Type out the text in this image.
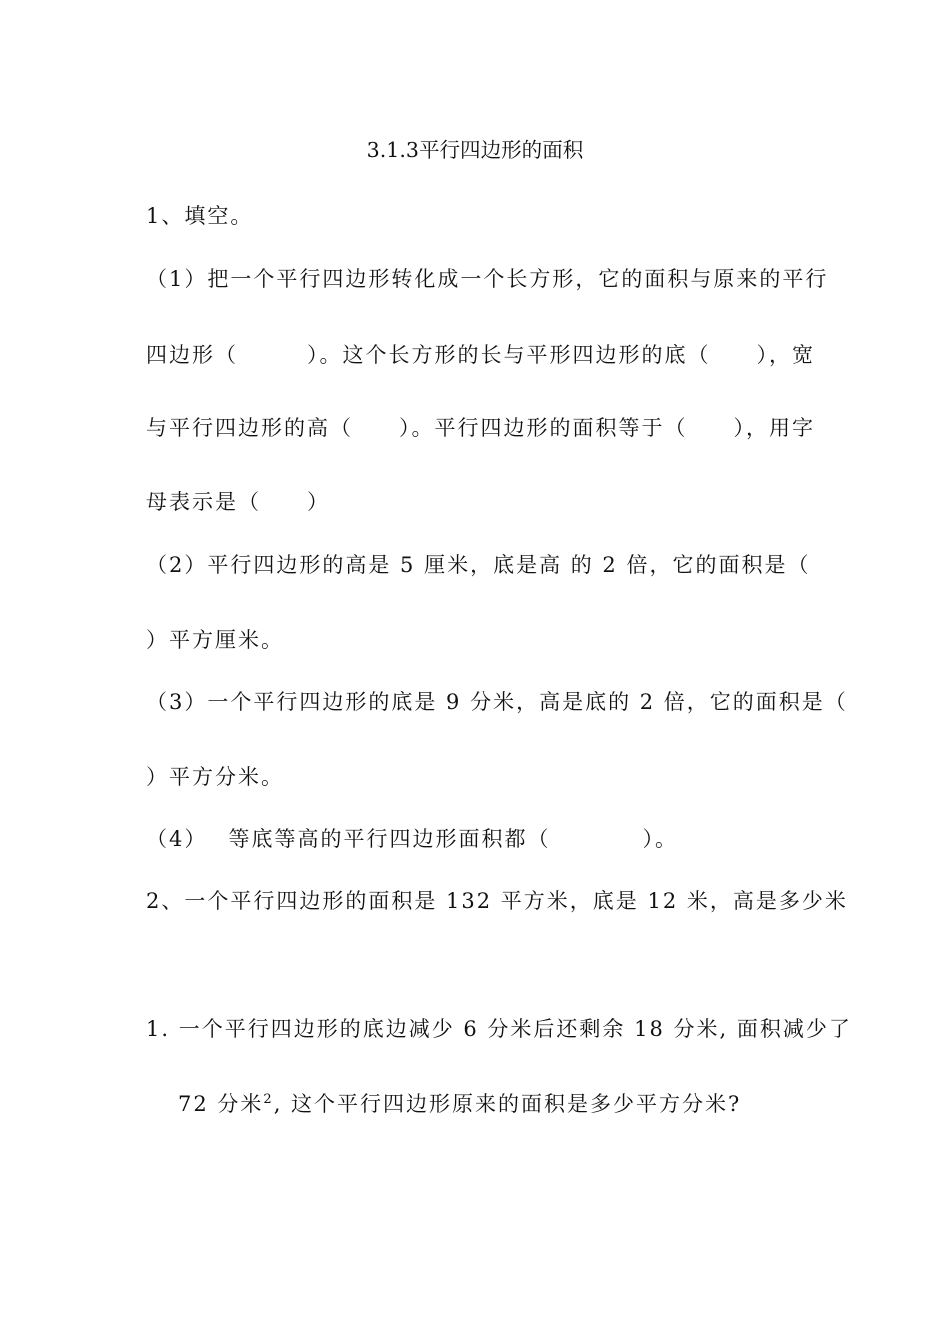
3.1.3平行四边形的面积
1、填空。
（1）把一个平行四边形转化成一个长方形，它的面积与原来的平行
四边形（　　　）。这个长方形的长与平形四边形的底（　　），宽
与平行四边形的高（　　）。平行四边形的面积等于（　　），用字
母表示是（　　）
（2）平行四边形的高是 5 厘米，底是高 的 2 倍，它的面积是（
）平方厘米。
（3）一个平行四边形的底是 9 分米，高是底的 2 倍，它的面积是（
）平方分米。
（4）　 等底等高的平行四边形面积都（　　　　）。
2、一个平行四边形的面积是 132 平方米，底是 12 米，高是多少米
1. 一个平行四边形的底边减少 6 分米后还剩余 18 分米, 面积减少了
72 分米$^2$, 这个平行四边形原来的面积是多少平方分米?
